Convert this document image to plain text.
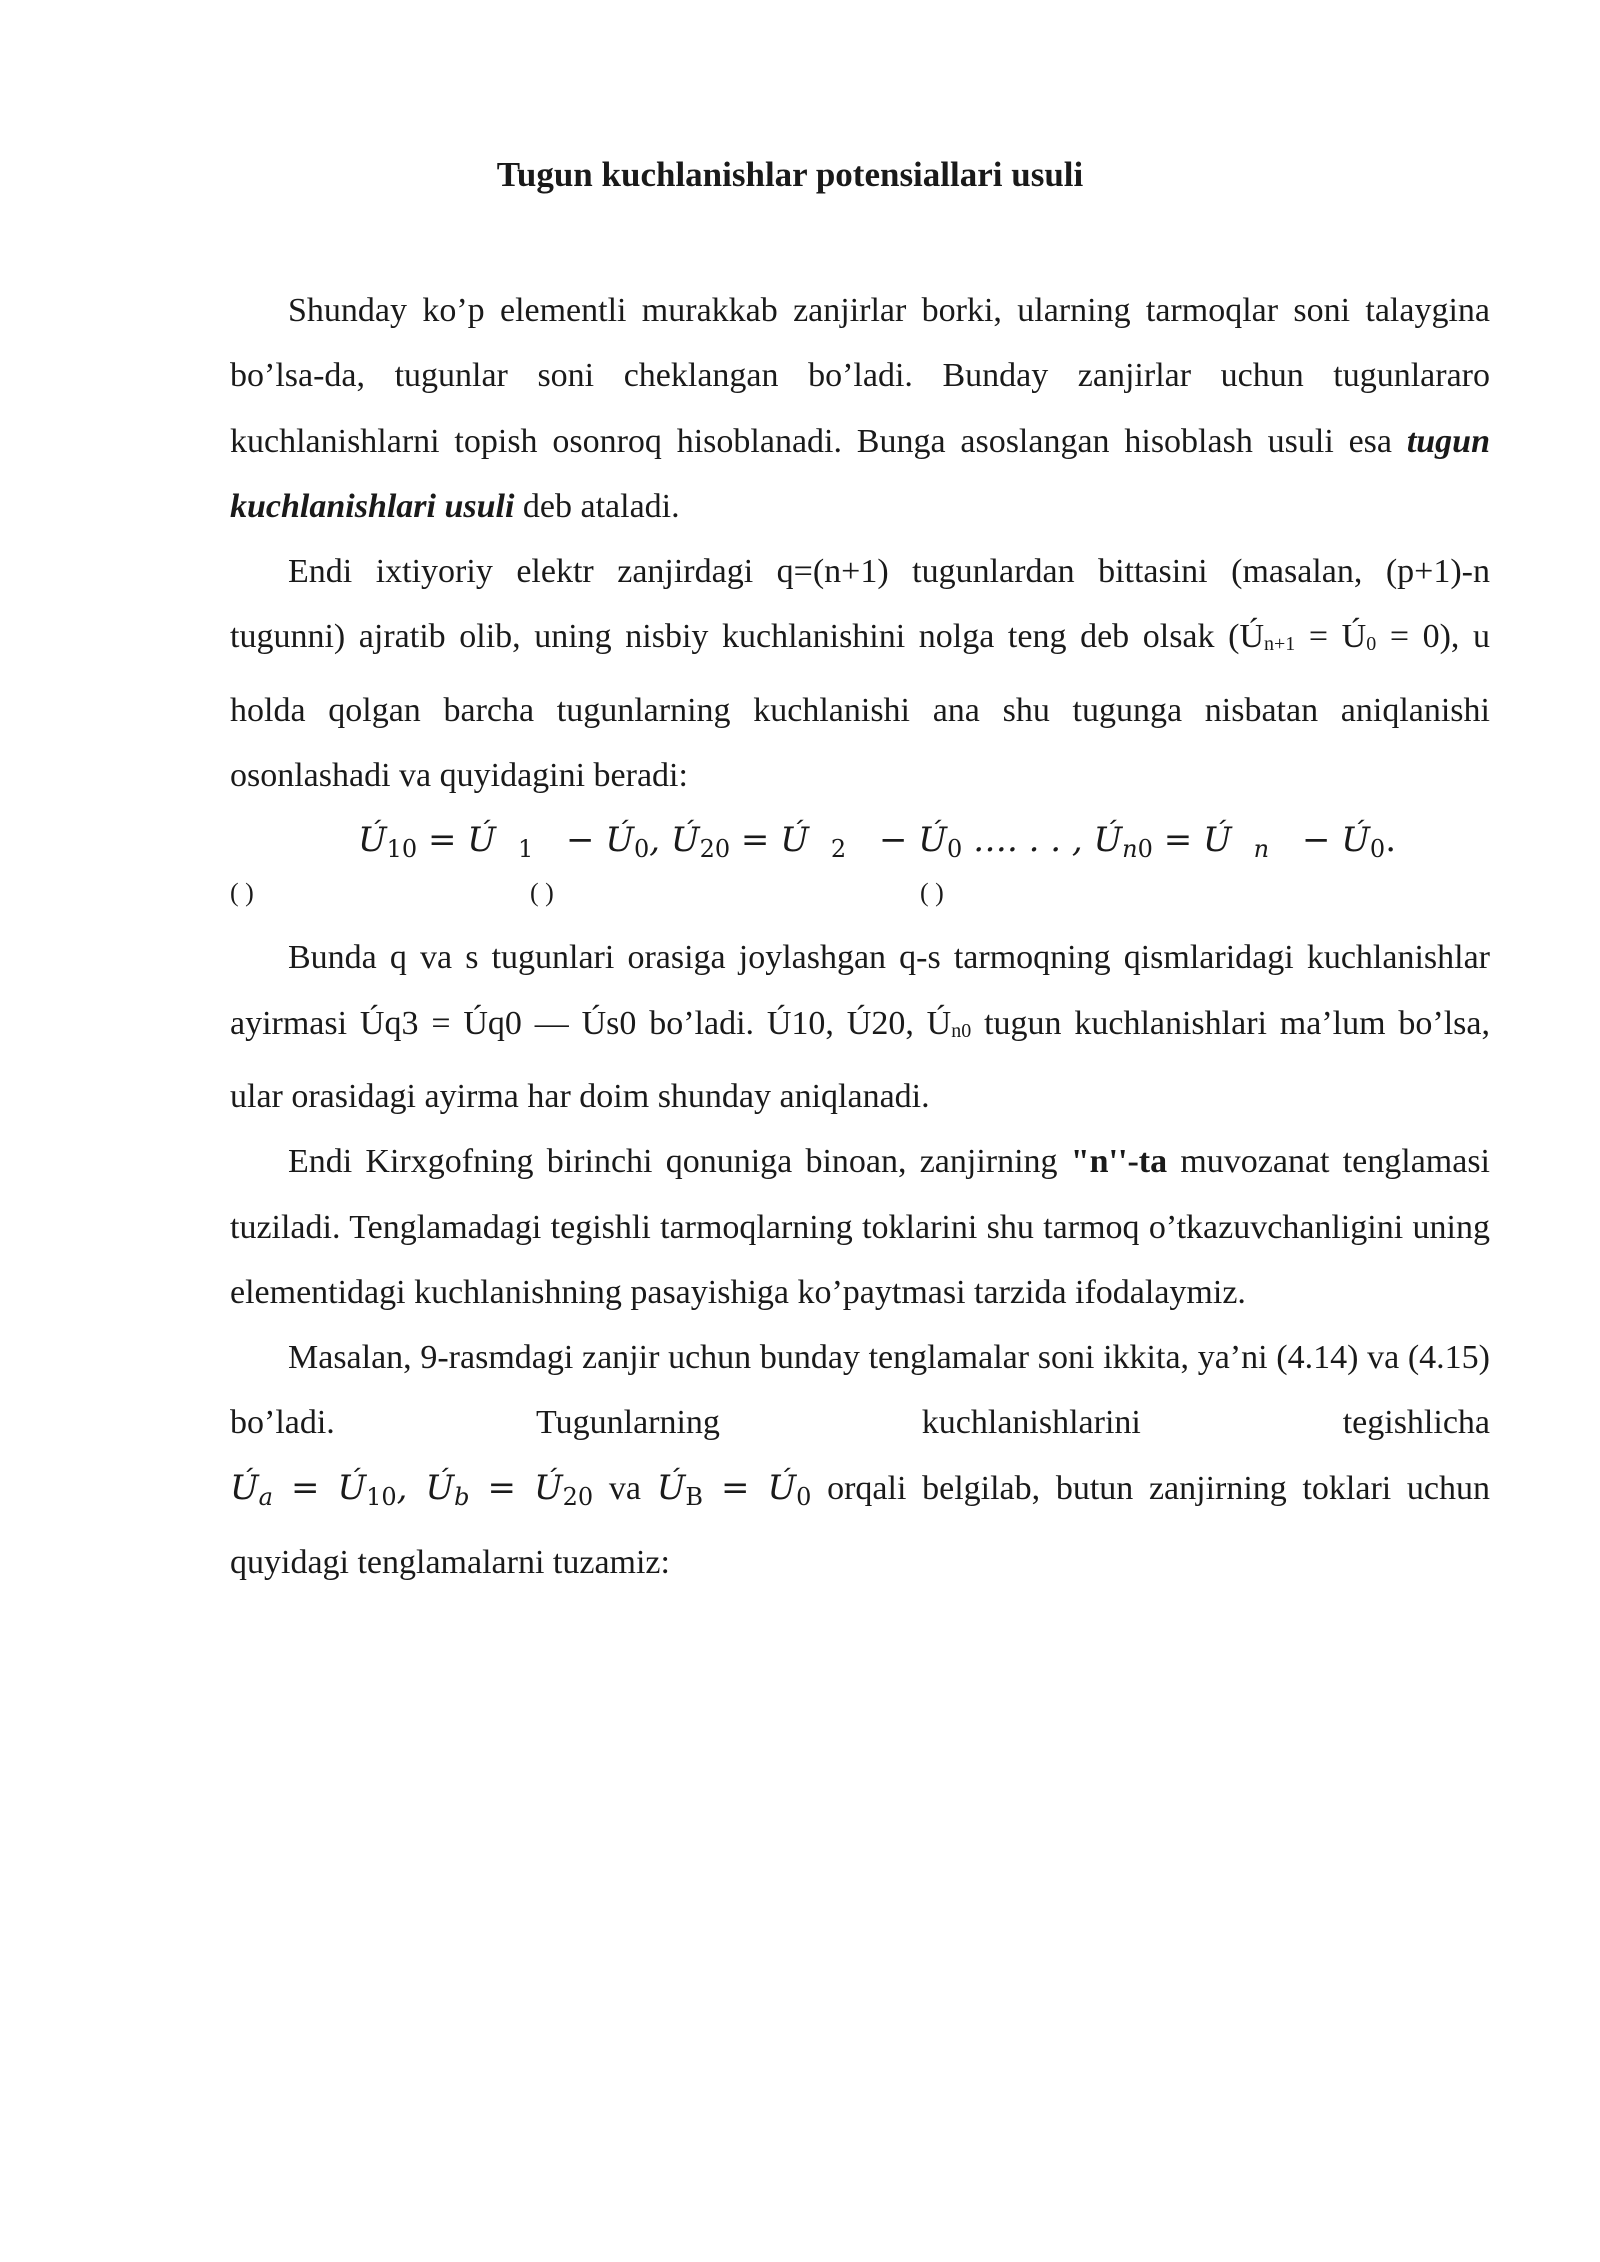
Tugun kuchlanishlar potensiallari usuli

Shunday ko’p elementli murakkab zanjirlar borki, ularning tarmoqlar soni talaygina bo’lsa-da, tugunlar soni cheklangan bo’ladi. Bunday zanjirlar uchun tugunlararo kuchlanishlarni topish osonroq hisoblanadi. Bunga asoslangan hisoblash usuli esa tugun kuchlanishlari usuli deb ataladi.

Endi ixtiyoriy elektr zanjirdagi q=(n+1) tugunlardan bittasini (masalan, (p+1)-n tugunni) ajratib olib, uning nisbiy kuchlanishini nolga teng deb olsak (Ún+1 = Ú0 = 0), u holda qolgan barcha tugunlarning kuchlanishi ana shu tugunga nisbatan aniqlanishi osonlashadi va quyidagini beradi:

Ú10 = Ú 1 − Ú0, Ú20 = Ú 2 − Ú0 …. . . , Ún0 = Ú n − Ú0.
( )	( )	( )

Bunda q va s tugunlari orasiga joylashgan q-s tarmoqning qismlaridagi kuchlanishlar ayirmasi Úq3 = Úq0 — Ús0 bo’ladi. Ú10, Ú20, Ún0 tugun kuchlanishlari ma’lum bo’lsa, ular orasidagi ayirma har doim shunday aniqlanadi.

Endi Kirxgofning birinchi qonuniga binoan, zanjirning "n''-ta muvozanat tenglamasi tuziladi. Tenglamadagi tegishli tarmoqlarning toklarini shu tarmoq o’tkazuvchanligini uning elementidagi kuchlanishning pasayishiga ko’paytmasi tarzida ifodalaymiz.

Masalan, 9-rasmdagi zanjir uchun bunday tenglamalar soni ikkita, ya’ni (4.14) va (4.15) bo’ladi. Tugunlarning kuchlanishlarini tegishlicha

Úa = Ú10, Úb = Ú20 va ÚВ = Ú0 orqali belgilab, butun zanjirning toklari uchun quyidagi tenglamalarni tuzamiz:
